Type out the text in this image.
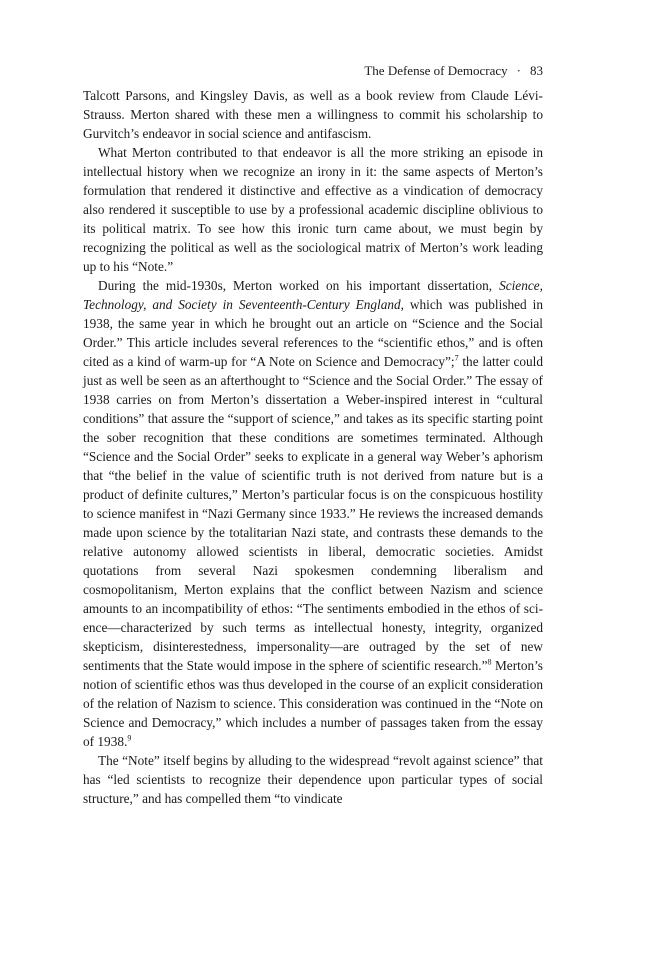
The Defense of Democracy · 83

Talcott Parsons, and Kingsley Davis, as well as a book review from Claude Lévi-Strauss. Merton shared with these men a willingness to commit his scholarship to Gurvitch’s endeavor in social science and antifascism.

What Merton contributed to that endeavor is all the more striking an episode in intellectual history when we recognize an irony in it: the same aspects of Merton’s formulation that rendered it distinctive and effective as a vindication of democracy also rendered it susceptible to use by a professional academic discipline oblivious to its political matrix. To see how this ironic turn came about, we must begin by recognizing the political as well as the sociological matrix of Merton’s work leading up to his “Note.”

During the mid-1930s, Merton worked on his important dissertation, Science, Technology, and Society in Seventeenth-Century England, which was published in 1938, the same year in which he brought out an article on “Science and the Social Order.” This article includes several references to the “scientific ethos,” and is often cited as a kind of warm-up for “A Note on Science and Democracy”;$^7$ the latter could just as well be seen as an afterthought to “Science and the Social Order.” The essay of 1938 carries on from Merton’s dissertation a Weber-inspired interest in “cultural conditions” that assure the “support of science,” and takes as its specific starting point the sober recognition that these conditions are sometimes terminated. Although “Science and the Social Order” seeks to explicate in a general way Weber’s aphorism that “the belief in the value of scientific truth is not derived from nature but is a product of definite cultures,” Merton’s particular focus is on the conspicuous hostility to science manifest in “Nazi Germany since 1933.” He reviews the increased demands made upon science by the totalitarian Nazi state, and contrasts these demands to the relative autonomy allowed scientists in liberal, democratic societies. Amidst quotations from several Nazi spokesmen condemning liberalism and cosmopolitanism, Merton explains that the conflict between Nazism and science amounts to an incompatibility of ethos: “The sentiments embodied in the ethos of science—characterized by such terms as intellectual honesty, integrity, organized skepticism, disinterestedness, impersonality—are outraged by the set of new sentiments that the State would impose in the sphere of scientific research.”$^8$ Merton’s notion of scientific ethos was thus developed in the course of an explicit consideration of the relation of Nazism to science. This consideration was continued in the “Note on Science and Democracy,” which includes a number of passages taken from the essay of 1938.$^9$

The “Note” itself begins by alluding to the widespread “revolt against science” that has “led scientists to recognize their dependence upon particular types of social structure,” and has compelled them “to vindicate
